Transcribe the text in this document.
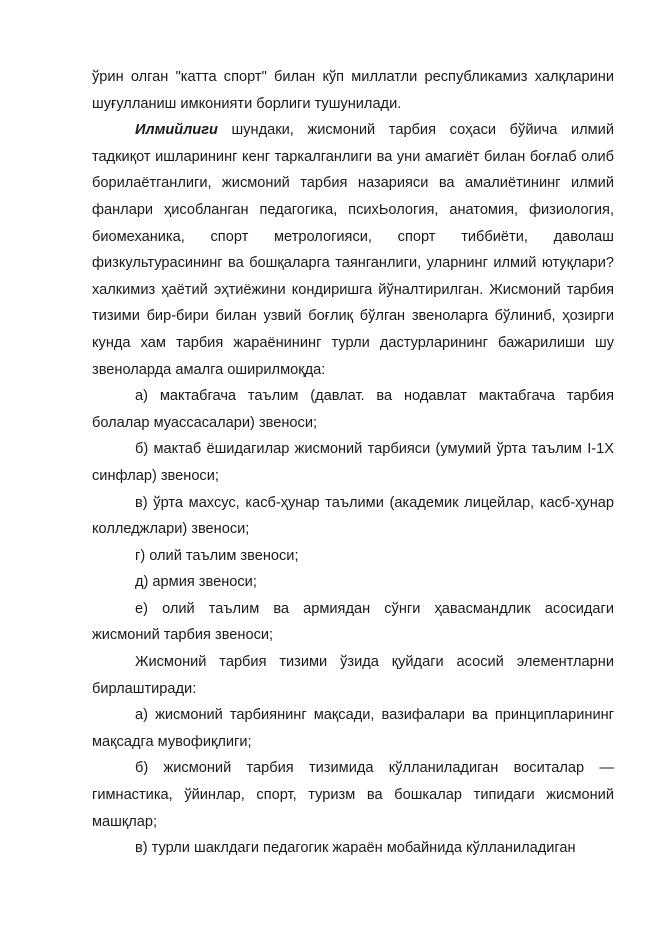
ўрин олган "катта спорт" билан кўп миллатли республикамиз халқларини шуғулланиш имконияти борлиги тушунилади.

Илмийлиги шундаки, жисмоний тарбия соҳаси бўйича илмий тадкиқот ишларининг кенг таркалганлиги ва уни амагиёт билан боғлаб олиб борилаётганлиги, жисмоний тарбия назарияси ва амалиётининг илмий фанлари ҳисобланган педагогика, психЬология, анатомия, физиология, биомеханика, спорт метрологияси, спорт тиббиёти, даволаш физкультурасининг ва бошқаларга таянганлиги, уларнинг илмий ютуқлари? халкимиз ҳаётий эҳтиёжини кондиришга йўналтирилган. Жисмоний тарбия тизими бир-бири билан узвий боғлиқ бўлган звеноларга бўлиниб, ҳозирги кунда хам тарбия жараёнининг турли дастурларининг бажарилиши шу звеноларда амалга оширилмоқда:

а) мактабгача таълим (давлат. ва нодавлат мактабгача тарбия болалар муассасалари) звеноси;

б) мактаб ёшидагилар жисмоний тарбияси (умумий ўрта таълим I-1X синфлар) звеноси;

в) ўрта махсус, касб-ҳунар таълими (академик лицейлар, касб-ҳунар колледжлари) звеноси;

г) олий таълим звеноси;

д) армия звеноси;

е) олий таълим ва армиядан сўнги ҳавасмандлик асосидаги жисмоний тарбия звеноси;

Жисмоний тарбия тизими ўзида қуйдаги асосий элементларни бирлаштиради:

а) жисмоний тарбиянинг мақсади, вазифалари ва принципларининг мақсадга мувофиқлиги;

б) жисмоний тарбия тизимида кўлланиладиган воситалар — гимнастика, ўйинлар, спорт, туризм ва бошкалар типидаги жисмоний машқлар;

в) турли шаклдаги педагогик жараён мобайнида кўлланиладиган
